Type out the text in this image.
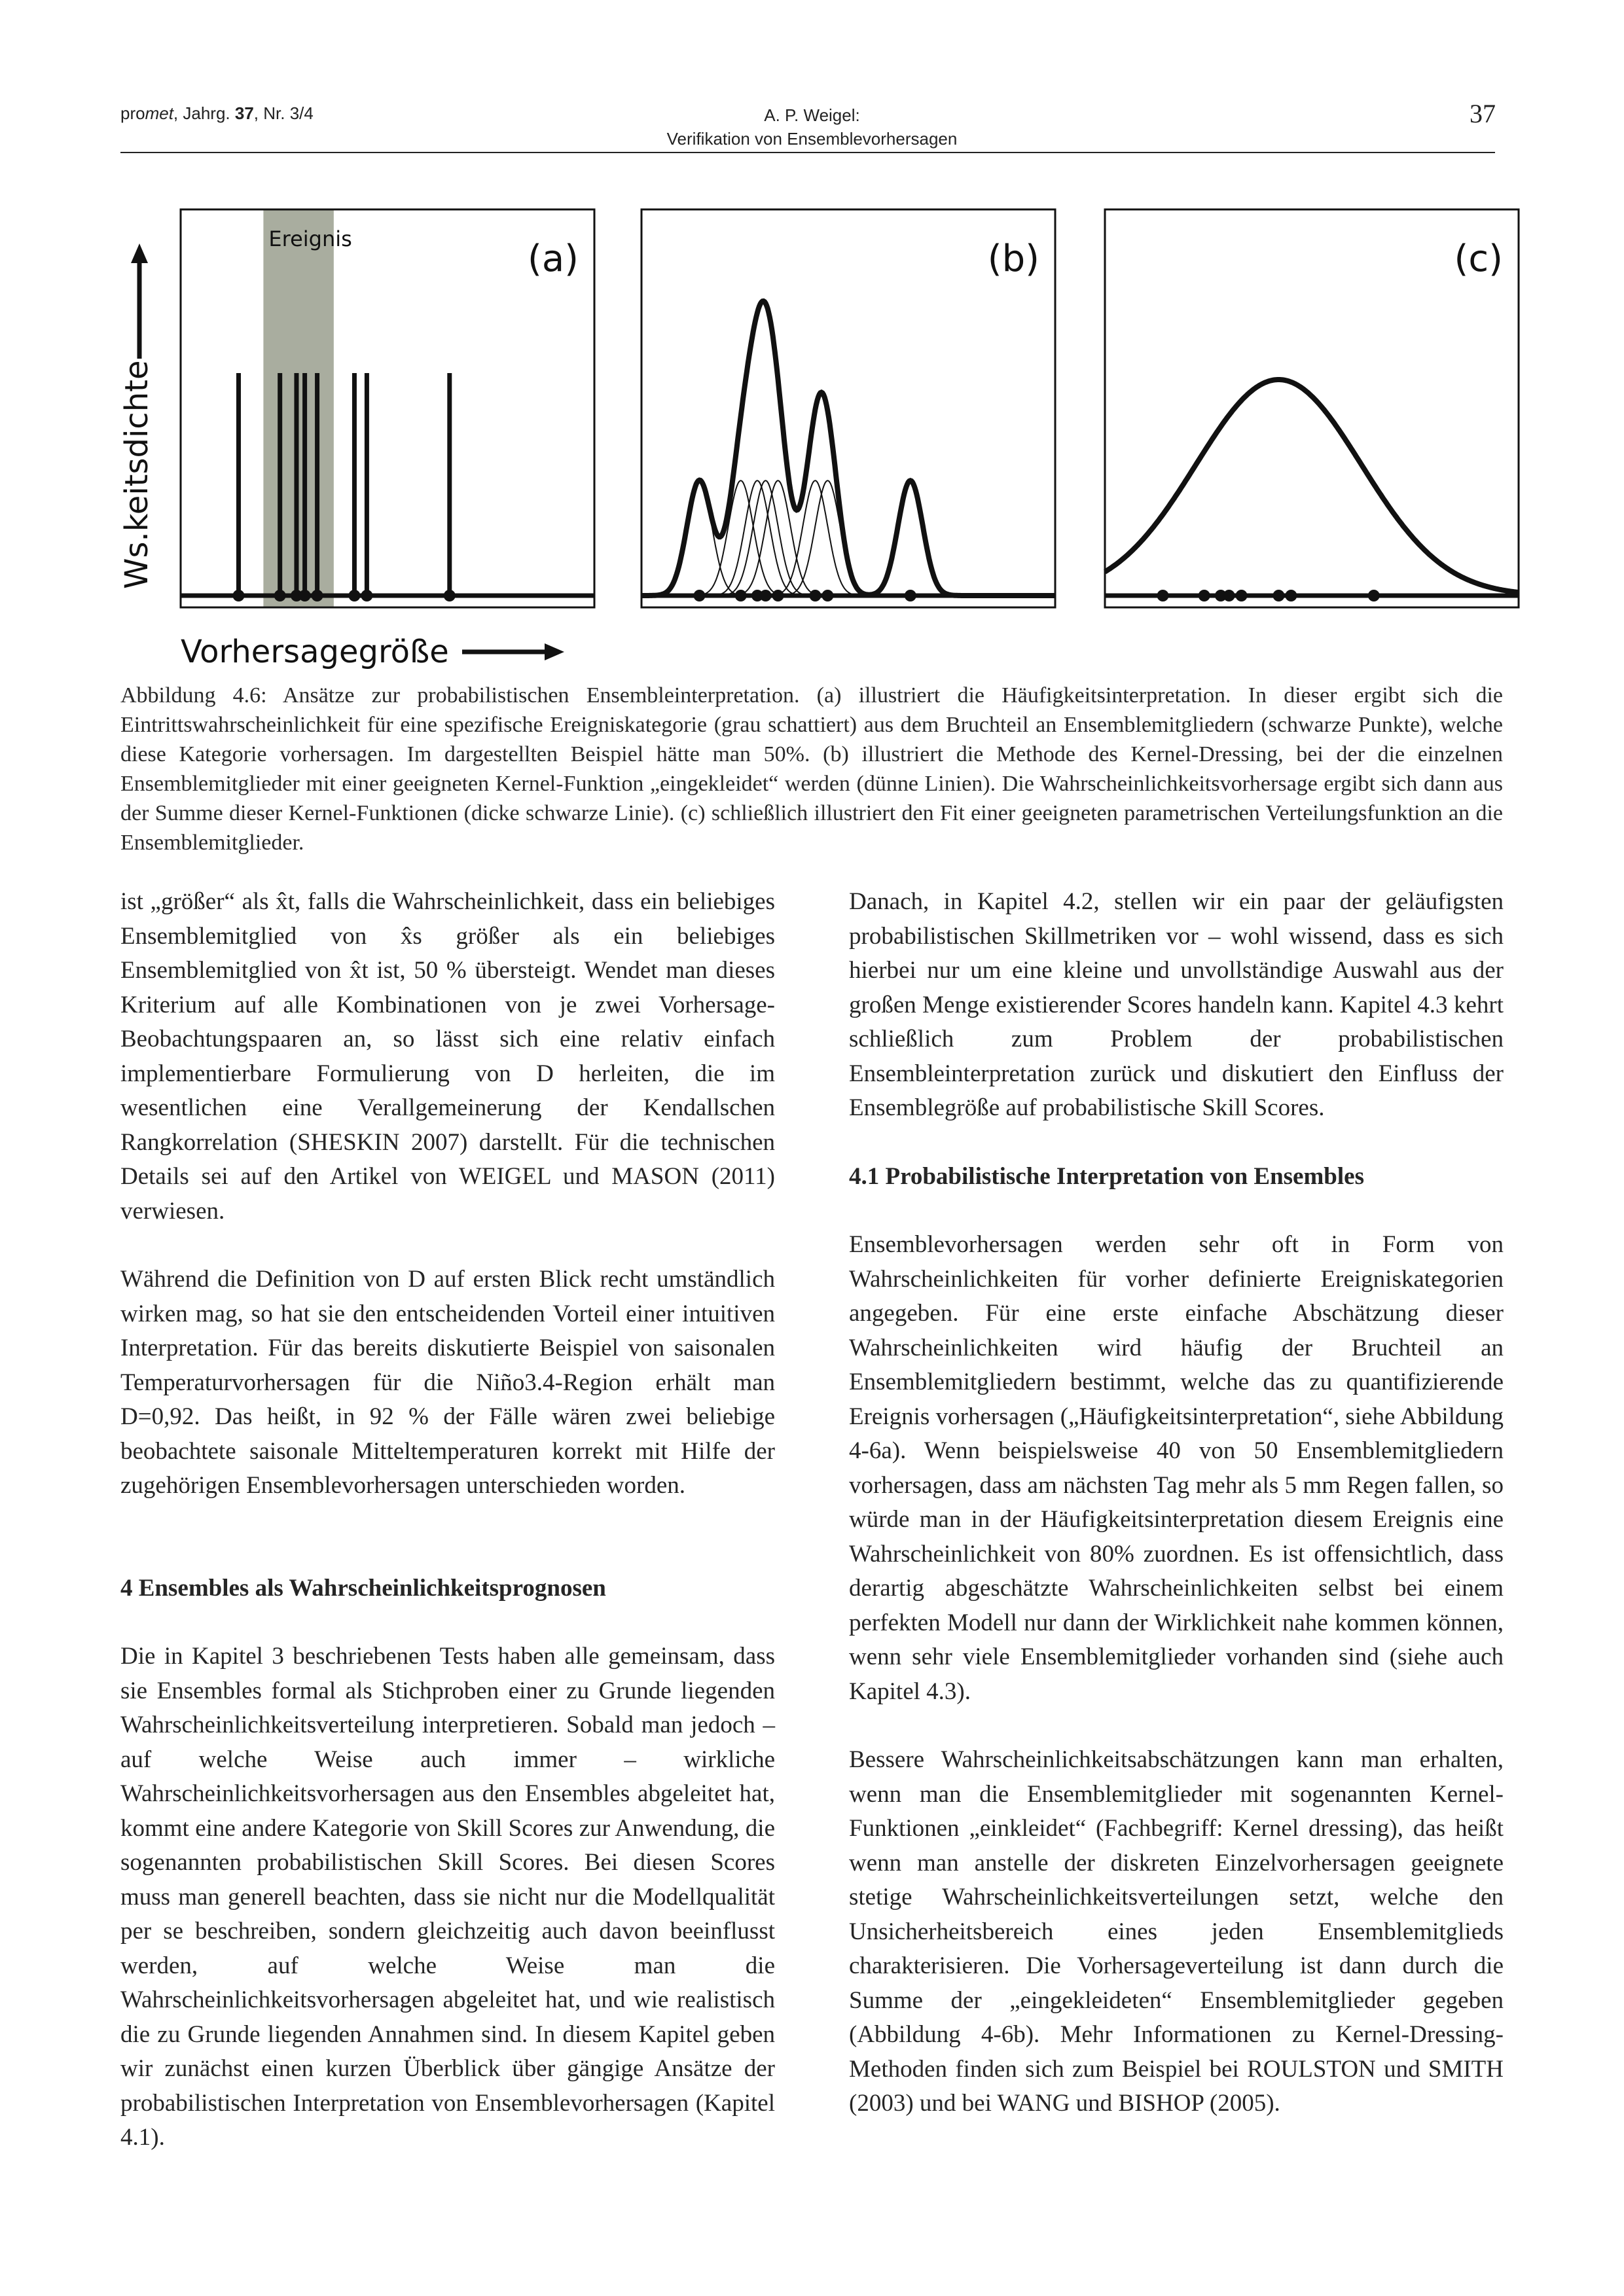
promet, Jahrg. 37, Nr. 3/4	A. P. Weigel:
Verifikation von Ensemblevorhersagen
37
Ws.keitsdichte
Vorhersagegröße
Ereignis	(a)	(b)	(c)
Abbildung 4.6: Ansätze zur probabilistischen Ensembleinterpretation. (a) illustriert die Häufigkeitsinterpretation. In dieser ergibt sich die Eintrittswahrscheinlichkeit für eine spezifische Ereigniskategorie (grau schattiert) aus dem Bruchteil an Ensemblemitgliedern (schwarze Punkte), welche diese Kategorie vorhersagen. Im dargestellten Beispiel hätte man 50%. (b) illustriert die Methode des Kernel-Dressing, bei der die einzelnen Ensemblemitglieder mit einer geeigneten Kernel-Funktion „eingekleidet“ werden (dünne Linien). Die Wahrscheinlichkeitsvorhersage ergibt sich dann aus der Summe dieser Kernel-Funktionen (dicke schwarze Linie). (c) schließlich illustriert den Fit einer geeigneten parametrischen Verteilungsfunktion an die Ensemblemitglieder.

ist „größer“ als x̂t, falls die Wahrscheinlichkeit, dass ein beliebiges Ensemblemitglied von x̂s größer als ein beliebiges Ensemblemitglied von x̂t ist, 50 % übersteigt. Wendet man dieses Kriterium auf alle Kombinationen von je zwei Vorhersage-Beobachtungspaaren an, so lässt sich eine relativ einfach implementierbare Formulierung von D herleiten, die im wesentlichen eine Verallgemeinerung der Kendallschen Rangkorrelation (SHESKIN 2007) darstellt. Für die technischen Details sei auf den Artikel von WEIGEL und MASON (2011) verwiesen.

Während die Definition von D auf ersten Blick recht umständlich wirken mag, so hat sie den entscheidenden Vorteil einer intuitiven Interpretation. Für das bereits diskutierte Beispiel von saisonalen Temperaturvorhersagen für die Niño3.4-Region erhält man D=0,92. Das heißt, in 92 % der Fälle wären zwei beliebige beobachtete saisonale Mitteltemperaturen korrekt mit Hilfe der zugehörigen Ensemblevorhersagen unterschieden worden.

4 Ensembles als Wahrscheinlichkeitsprognosen

Die in Kapitel 3 beschriebenen Tests haben alle gemeinsam, dass sie Ensembles formal als Stichproben einer zu Grunde liegenden Wahrscheinlichkeitsverteilung interpretieren. Sobald man jedoch – auf welche Weise auch immer – wirkliche Wahrscheinlichkeitsvorhersagen aus den Ensembles abgeleitet hat, kommt eine andere Kategorie von Skill Scores zur Anwendung, die sogenannten probabilistischen Skill Scores. Bei diesen Scores muss man generell beachten, dass sie nicht nur die Modellqualität per se beschreiben, sondern gleichzeitig auch davon beeinflusst werden, auf welche Weise man die Wahrscheinlichkeitsvorhersagen abgeleitet hat, und wie realistisch die zu Grunde liegenden Annahmen sind. In diesem Kapitel geben wir zunächst einen kurzen Überblick über gängige Ansätze der probabilistischen Interpretation von Ensemblevorhersagen (Kapitel 4.1).

Danach, in Kapitel 4.2, stellen wir ein paar der geläufigsten probabilistischen Skillmetriken vor – wohl wissend, dass es sich hierbei nur um eine kleine und unvollständige Auswahl aus der großen Menge existierender Scores handeln kann. Kapitel 4.3 kehrt schließlich zum Problem der probabilistischen Ensembleinterpretation zurück und diskutiert den Einfluss der Ensemblegröße auf probabilistische Skill Scores.

4.1 Probabilistische Interpretation von Ensembles

Ensemblevorhersagen werden sehr oft in Form von Wahrscheinlichkeiten für vorher definierte Ereigniskategorien angegeben. Für eine erste einfache Abschätzung dieser Wahrscheinlichkeiten wird häufig der Bruchteil an Ensemblemitgliedern bestimmt, welche das zu quantifizierende Ereignis vorhersagen („Häufigkeitsinterpretation“, siehe Abbildung 4-6a). Wenn beispielsweise 40 von 50 Ensemblemitgliedern vorhersagen, dass am nächsten Tag mehr als 5 mm Regen fallen, so würde man in der Häufigkeitsinterpretation diesem Ereignis eine Wahrscheinlichkeit von 80% zuordnen. Es ist offensichtlich, dass derartig abgeschätzte Wahrscheinlichkeiten selbst bei einem perfekten Modell nur dann der Wirklichkeit nahe kommen können, wenn sehr viele Ensemblemitglieder vorhanden sind (siehe auch Kapitel 4.3).

Bessere Wahrscheinlichkeitsabschätzungen kann man erhalten, wenn man die Ensemblemitglieder mit sogenannten Kernel-Funktionen „einkleidet“ (Fachbegriff: Kernel dressing), das heißt wenn man anstelle der diskreten Einzelvorhersagen geeignete stetige Wahrscheinlichkeitsverteilungen setzt, welche den Unsicherheitsbereich eines jeden Ensemblemitglieds charakterisieren. Die Vorhersageverteilung ist dann durch die Summe der „eingekleideten“ Ensemblemitglieder gegeben (Abbildung 4-6b). Mehr Informationen zu Kernel-Dressing-Methoden finden sich zum Beispiel bei ROULSTON und SMITH (2003) und bei WANG und BISHOP (2005).
